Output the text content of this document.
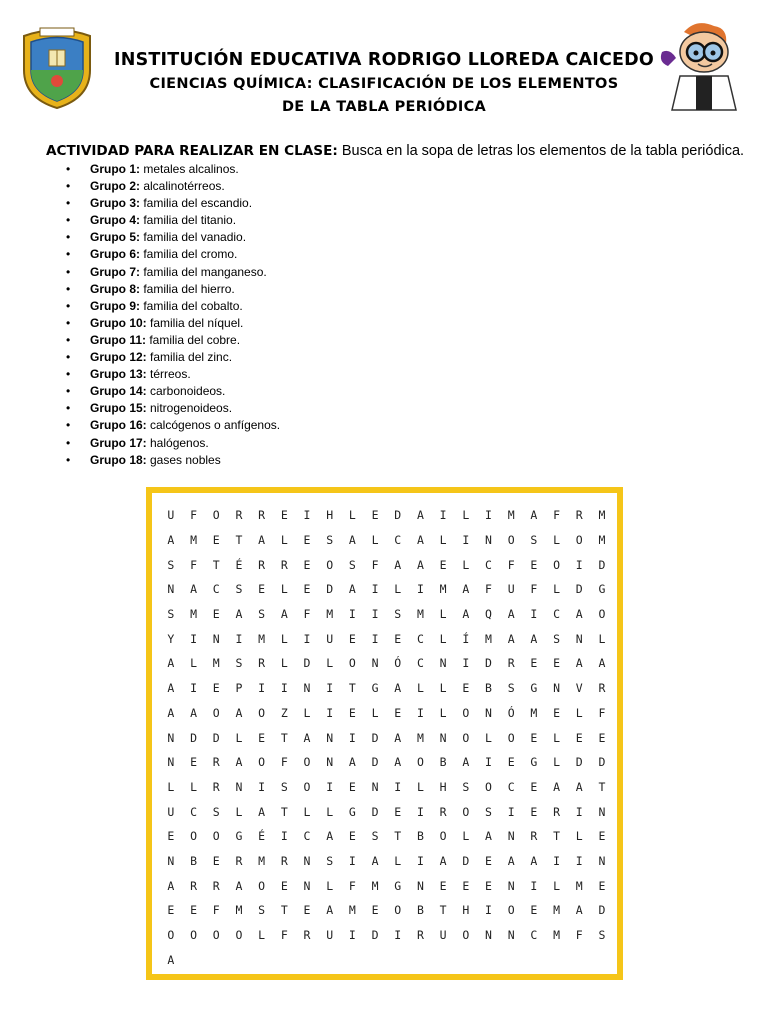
INSTITUCIÓN EDUCATIVA RODRIGO LLOREDA CAICEDO
CIENCIAS QUÍMICA: CLASIFICACIÓN DE LOS ELEMENTOS
DE LA TABLA PERIÓDICA
ACTIVIDAD PARA REALIZAR EN CLASE: Busca en la sopa de letras los elementos de la tabla periódica.
• Grupo 1: metales alcalinos.
• Grupo 2: alcalinotérreos.
• Grupo 3: familia del escandio.
• Grupo 4: familia del titanio.
• Grupo 5: familia del vanadio.
• Grupo 6: familia del cromo.
• Grupo 7: familia del manganeso.
• Grupo 8: familia del hierro.
• Grupo 9: familia del cobalto.
• Grupo 10: familia del níquel.
• Grupo 11: familia del cobre.
• Grupo 12: familia del zinc.
• Grupo 13: térreos.
• Grupo 14: carbonoideos.
• Grupo 15: nitrogenoideos.
• Grupo 16: calcógenos o anfígenos.
• Grupo 17: halógenos.
• Grupo 18: gases nobles
U	F	O	R	R	E	I	H	L	E	D	A	I	L	I	M	A	F	R	M
A	M	E	T	A	L	E	S	A	L	C	A	L	I	N	O	S	L	O	M
S	F	T	É	R	R	E	O	S	F	A	A	E	L	C	F	E	O	I	D
N	A	C	S	E	L	E	D	A	I	L	I	M	A	F	U	F	L	D	G
S	M	E	A	S	A	F	M	I	I	S	M	L	A	Q	A	I	C	A	O
Y	I	N	I	M	L	I	U	E	I	E	C	L	Í	M	A	A	S	N	L
A	L	M	S	R	L	D	L	O	N	Ó	C	N	I	D	R	E	E	A	A
A	I	E	P	I	I	N	I	T	G	A	L	L	E	B	S	G	N	V	R
A	A	O	A	O	Z	L	I	E	L	E	I	L	O	N	Ó	M	E	L	F
N	D	D	L	E	T	A	N	I	D	A	M	N	O	L	O	E	L	E	E
N	E	R	A	O	F	O	N	A	D	A	O	B	A	I	E	G	L	D	D
L	L	R	N	I	S	O	I	E	N	I	L	H	S	O	C	E	A	A	T
U	C	S	L	A	T	L	L	G	D	E	I	R	O	S	I	E	R	I	N
E	O	O	G	É	I	C	A	E	S	T	B	O	L	A	N	R	T	L	E
N	B	E	R	M	R	N	S	I	A	L	I	A	D	E	A	A	I	I	N
A	R	R	A	O	E	N	L	F	M	G	N	E	E	E	N	I	L	M	E
E	E	F	M	S	T	E	A	M	E	O	B	T	H	I	O	E	M	A	D
O	O	O	O	L	F	R	U	I	D	I	R	U	O	N	N	C	M	F	S
A
